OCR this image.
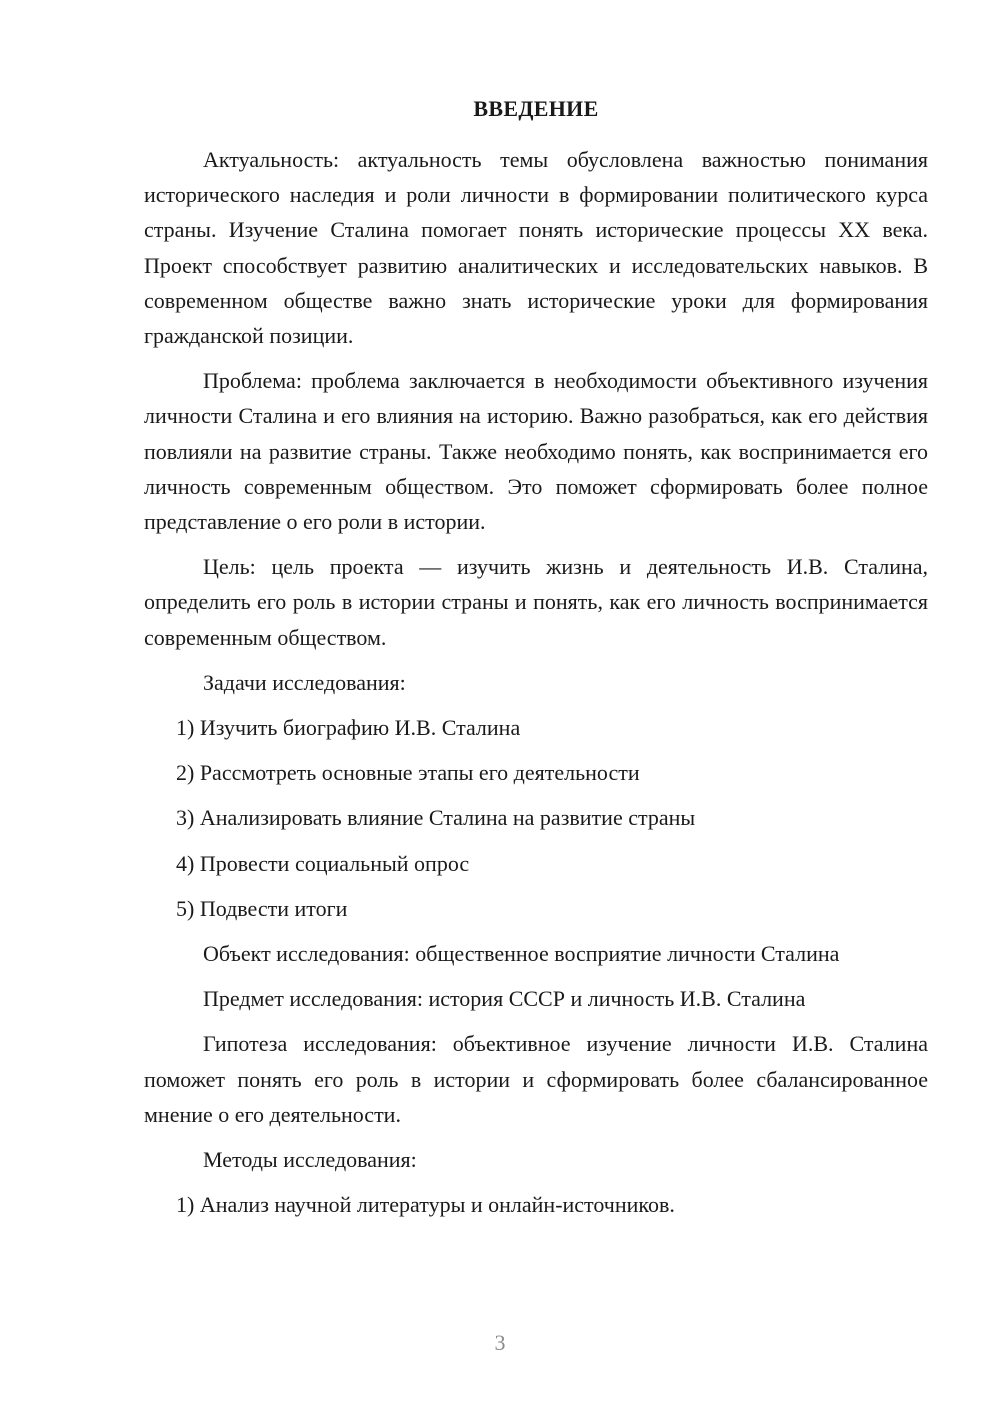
ВВЕДЕНИЕ

Актуальность: актуальность темы обусловлена важностью понимания исторического наследия и роли личности в формировании политического курса страны. Изучение Сталина помогает понять исторические процессы XX века. Проект способствует развитию аналитических и исследовательских навыков. В современном обществе важно знать исторические уроки для формирования гражданской позиции.

Проблема: проблема заключается в необходимости объективного изучения личности Сталина и его влияния на историю. Важно разобраться, как его действия повлияли на развитие страны. Также необходимо понять, как воспринимается его личность современным обществом. Это поможет сформировать более полное представление о его роли в истории.

Цель: цель проекта — изучить жизнь и деятельность И.В. Сталина, определить его роль в истории страны и понять, как его личность воспринимается современным обществом.

Задачи исследования:

1) Изучить биографию И.В. Сталина

2) Рассмотреть основные этапы его деятельности

3) Анализировать влияние Сталина на развитие страны

4) Провести социальный опрос

5) Подвести итоги

Объект исследования: общественное восприятие личности Сталина

Предмет исследования: история СССР и личность И.В. Сталина

Гипотеза исследования: объективное изучение личности И.В. Сталина поможет понять его роль в истории и сформировать более сбалансированное мнение о его деятельности.

Методы исследования:

1) Анализ научной литературы и онлайн-источников.

3
